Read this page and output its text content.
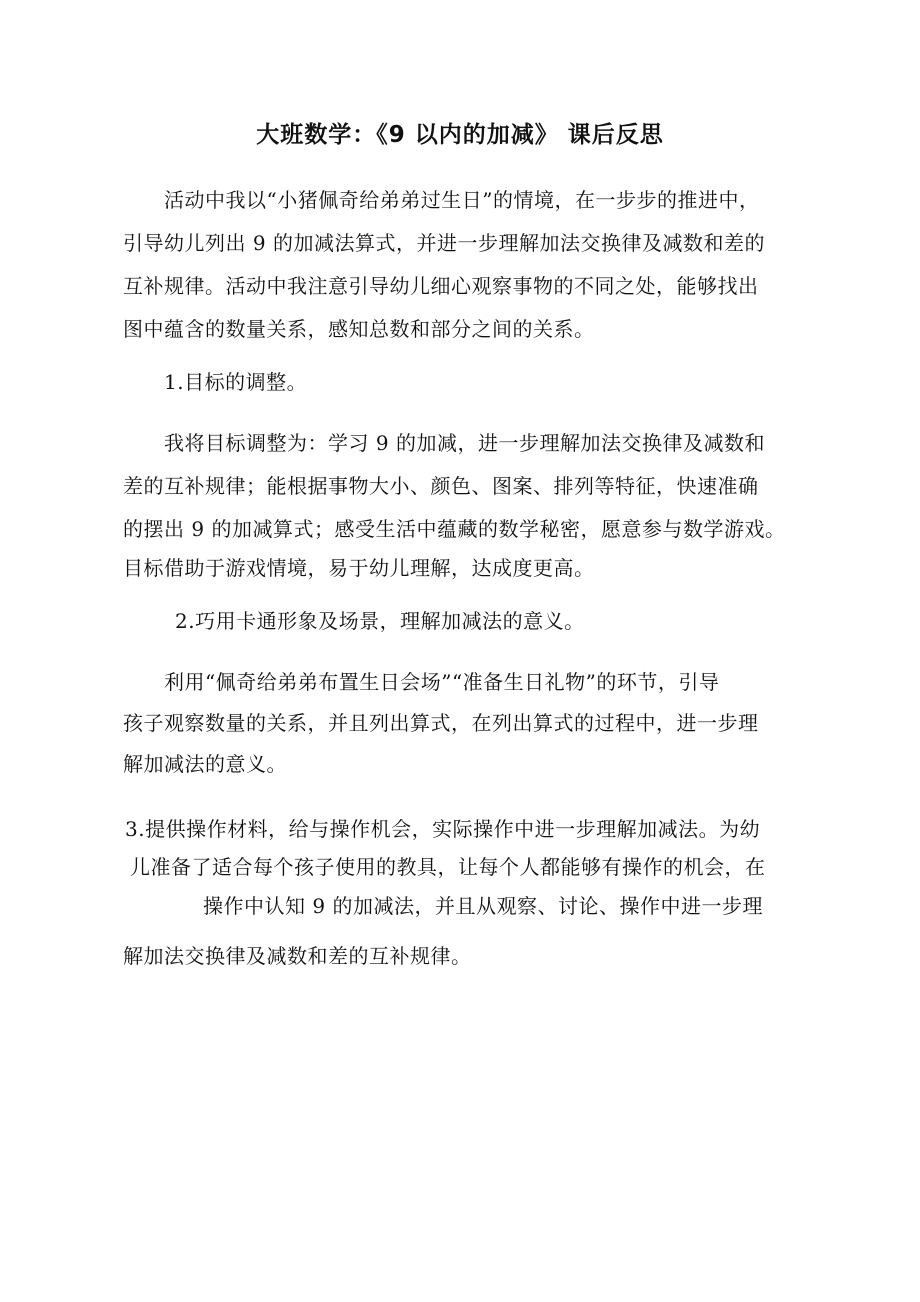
大班数学：《9 以内的加减》 课后反思
活动中我以“小猪佩奇给弟弟过生日”的情境，在一步步的推进中，
引导幼儿列出 9 的加减法算式，并进一步理解加法交换律及减数和差的
互补规律。活动中我注意引导幼儿细心观察事物的不同之处，能够找出
图中蕴含的数量关系，感知总数和部分之间的关系。
1.目标的调整。
我将目标调整为：学习 9 的加减，进一步理解加法交换律及减数和
差的互补规律；能根据事物大小、颜色、图案、排列等特征，快速准确
的摆出 9 的加减算式；感受生活中蕴藏的数学秘密，愿意参与数学游戏。
目标借助于游戏情境，易于幼儿理解，达成度更高。
2.巧用卡通形象及场景，理解加减法的意义。
利用“佩奇给弟弟布置生日会场”“准备生日礼物”的环节，引导
孩子观察数量的关系，并且列出算式，在列出算式的过程中，进一步理
解加减法的意义。
3.提供操作材料，给与操作机会，实际操作中进一步理解加减法。为幼
儿准备了适合每个孩子使用的教具，让每个人都能够有操作的机会，在
操作中认知 9 的加减法，并且从观察、讨论、操作中进一步理
解加法交换律及减数和差的互补规律。
